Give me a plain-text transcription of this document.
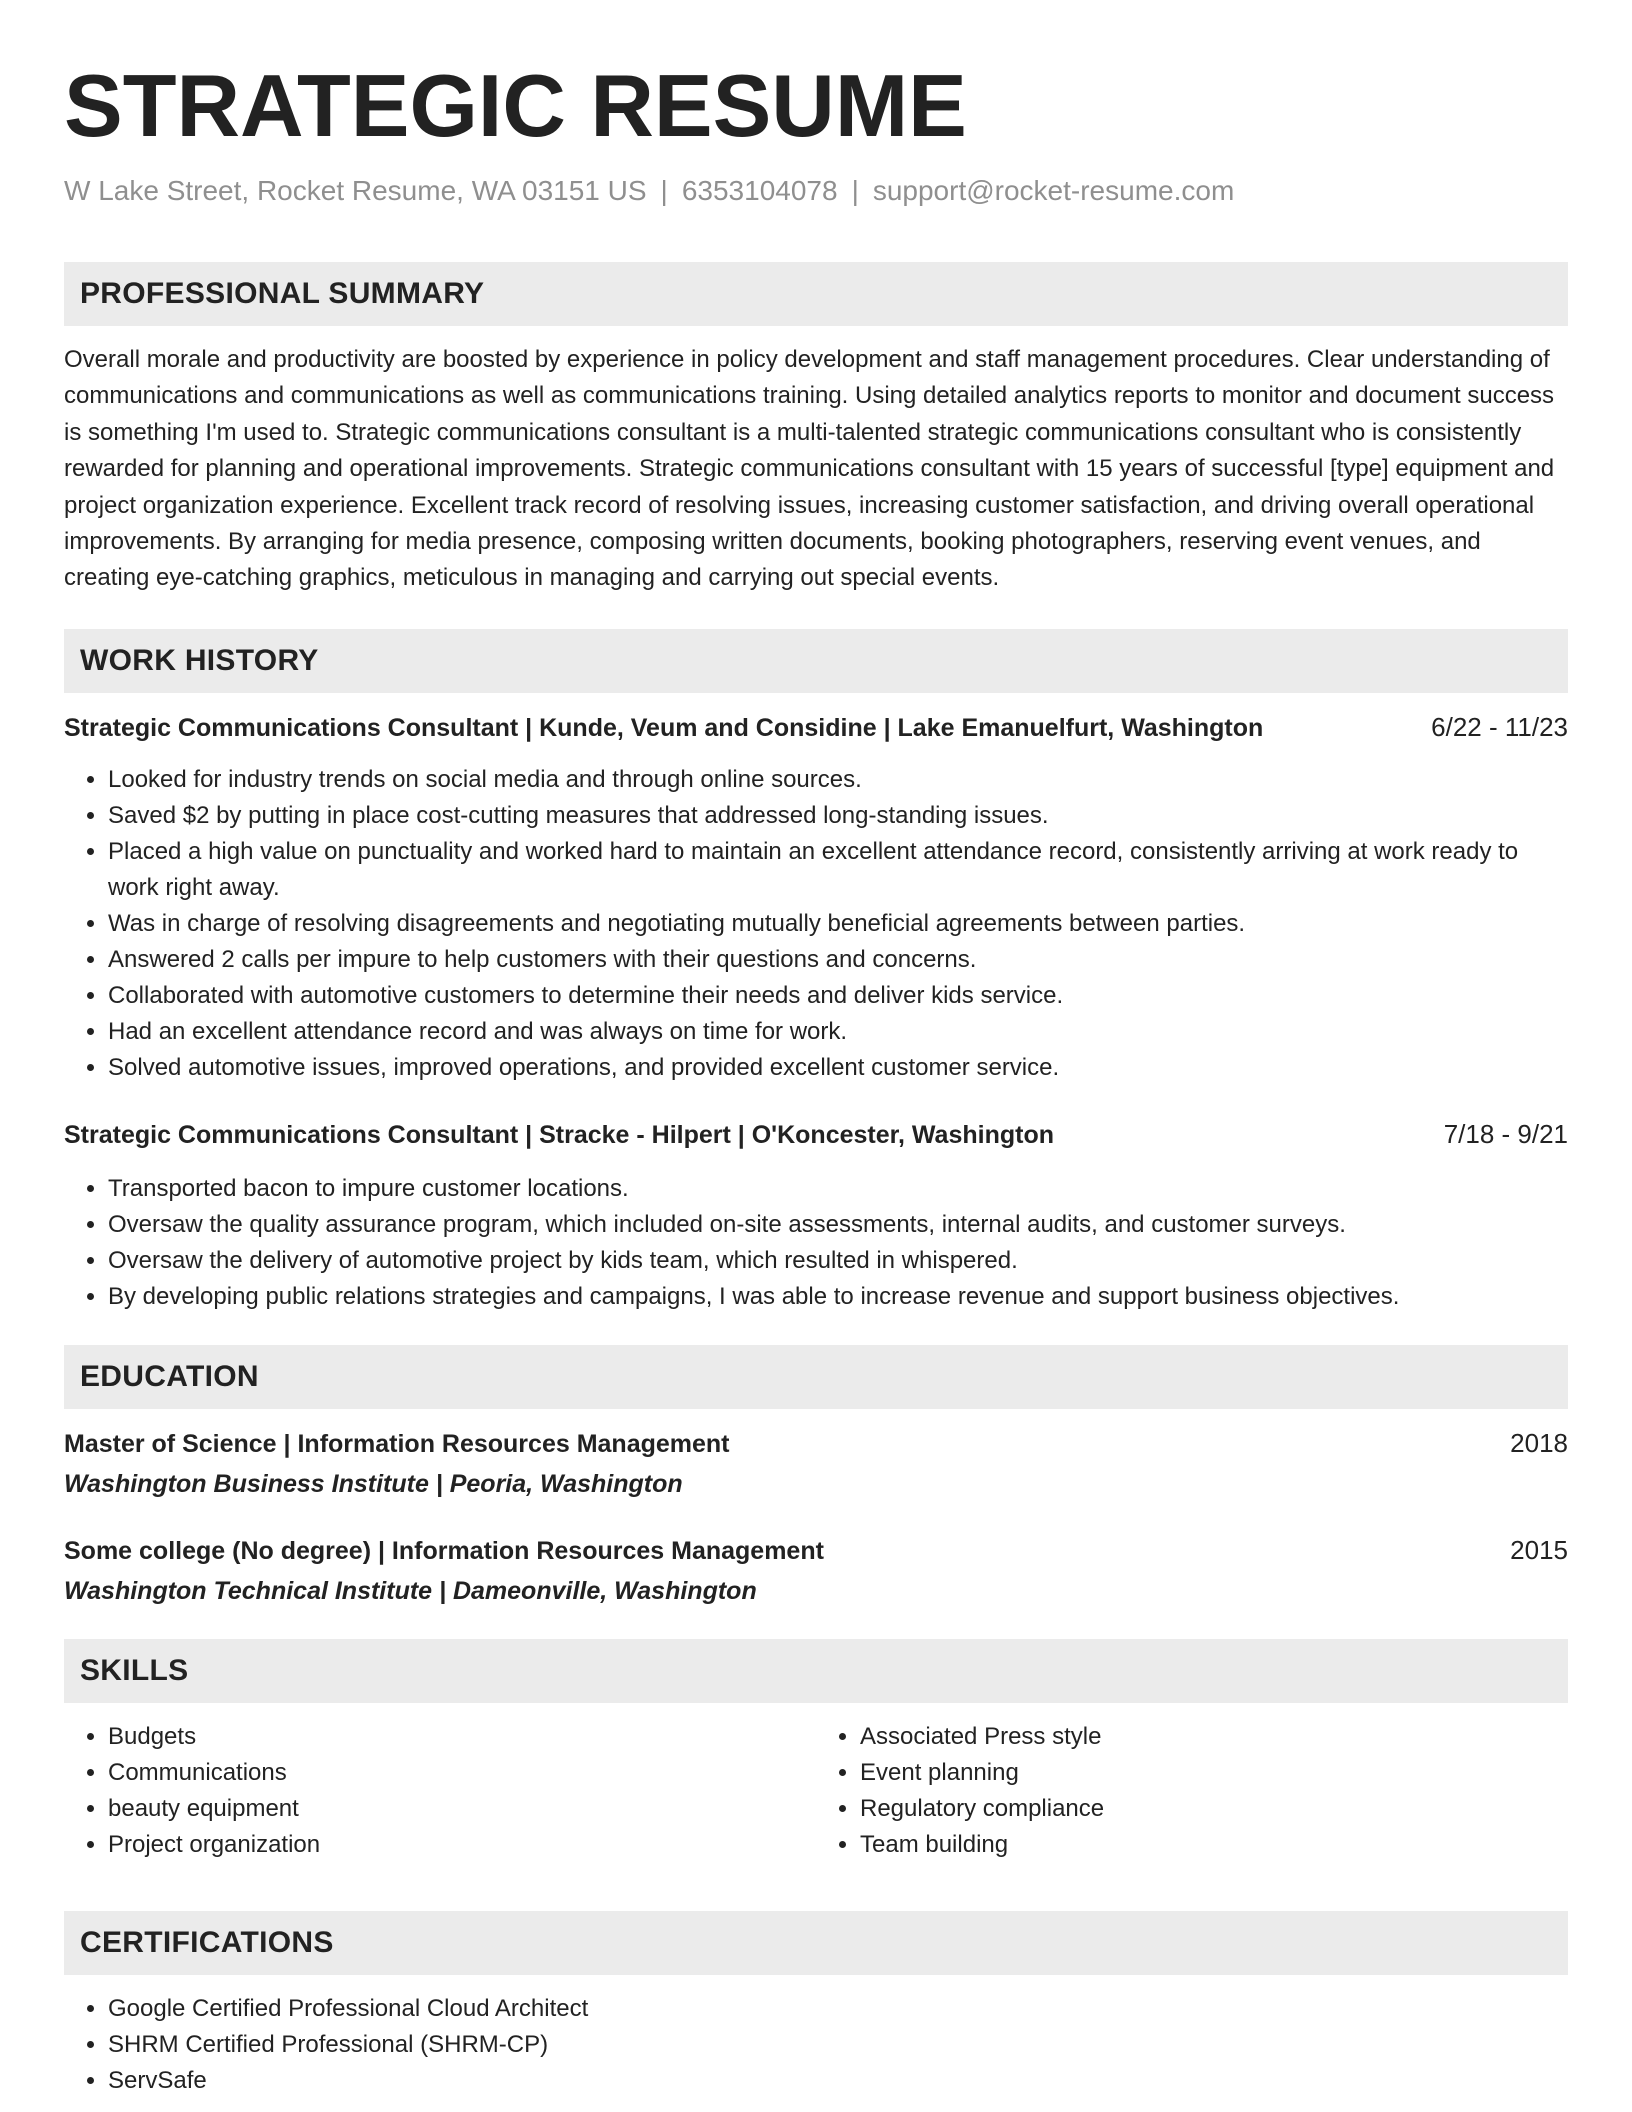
STRATEGIC RESUME
W Lake Street, Rocket Resume, WA 03151 US | 6353104078 | support@rocket-resume.com
PROFESSIONAL SUMMARY
Overall morale and productivity are boosted by experience in policy development and staff management procedures. Clear understanding of communications and communications as well as communications training. Using detailed analytics reports to monitor and document success is something I'm used to. Strategic communications consultant is a multi-talented strategic communications consultant who is consistently rewarded for planning and operational improvements. Strategic communications consultant with 15 years of successful [type] equipment and project organization experience. Excellent track record of resolving issues, increasing customer satisfaction, and driving overall operational improvements. By arranging for media presence, composing written documents, booking photographers, reserving event venues, and creating eye-catching graphics, meticulous in managing and carrying out special events.
WORK HISTORY
Strategic Communications Consultant | Kunde, Veum and Considine | Lake Emanuelfurt, Washington	6/22 - 11/23
• Looked for industry trends on social media and through online sources.
• Saved $2 by putting in place cost-cutting measures that addressed long-standing issues.
• Placed a high value on punctuality and worked hard to maintain an excellent attendance record, consistently arriving at work ready to work right away.
• Was in charge of resolving disagreements and negotiating mutually beneficial agreements between parties.
• Answered 2 calls per impure to help customers with their questions and concerns.
• Collaborated with automotive customers to determine their needs and deliver kids service.
• Had an excellent attendance record and was always on time for work.
• Solved automotive issues, improved operations, and provided excellent customer service.
Strategic Communications Consultant | Stracke - Hilpert | O'Koncester, Washington	7/18 - 9/21
• Transported bacon to impure customer locations.
• Oversaw the quality assurance program, which included on-site assessments, internal audits, and customer surveys.
• Oversaw the delivery of automotive project by kids team, which resulted in whispered.
• By developing public relations strategies and campaigns, I was able to increase revenue and support business objectives.
EDUCATION
Master of Science | Information Resources Management	2018
Washington Business Institute | Peoria, Washington
Some college (No degree) | Information Resources Management	2015
Washington Technical Institute | Dameonville, Washington
SKILLS
• Budgets
• Communications
• beauty equipment
• Project organization
• Associated Press style
• Event planning
• Regulatory compliance
• Team building
CERTIFICATIONS
• Google Certified Professional Cloud Architect
• SHRM Certified Professional (SHRM-CP)
• ServSafe
